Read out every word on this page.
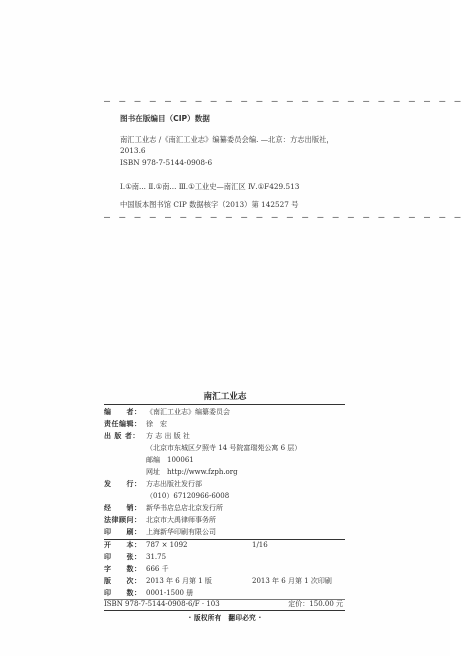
— — — — — — — — — — — — — — — — — — — — — — — —
图书在版编目（CIP）数据
南汇工业志 /《南汇工业志》编纂委员会编. —北京：方志出版社，
2013.6
ISBN 978-7-5144-0908-6
Ⅰ.①南... Ⅱ.①南... Ⅲ.①工业史—南汇区 Ⅳ.①F429.513
中国版本图书馆 CIP 数据核字（2013）第 142527 号
— — — — — — — — — — — — — — — — — — — — — — — —
南汇工业志
编　　者： 《南汇工业志》编纂委员会
责任编辑： 徐　宏
出 版 者： 方 志 出 版 社
（北京市东城区夕照寺 14 号院富瑞苑公寓 6 层）
邮编　100061
网址　http://www.fzph.org
发　　行： 方志出版社发行部
（010）67120966-6008
经　　销： 新华书店总店北京发行所
法律顾问： 北京市大禹律师事务所
印　　刷： 上海新华印刷有限公司
开　　本： 787 × 1092	1/16
印　　张： 31.75
字　　数： 666 千
版　　次： 2013 年 6 月第 1 版	2013 年 6 月第 1 次印刷
印　　数： 0001-1500 册
ISBN 978-7-5144-0908-6/F · 103	定价：150.00 元
· 版权所有　翻印必究 ·
